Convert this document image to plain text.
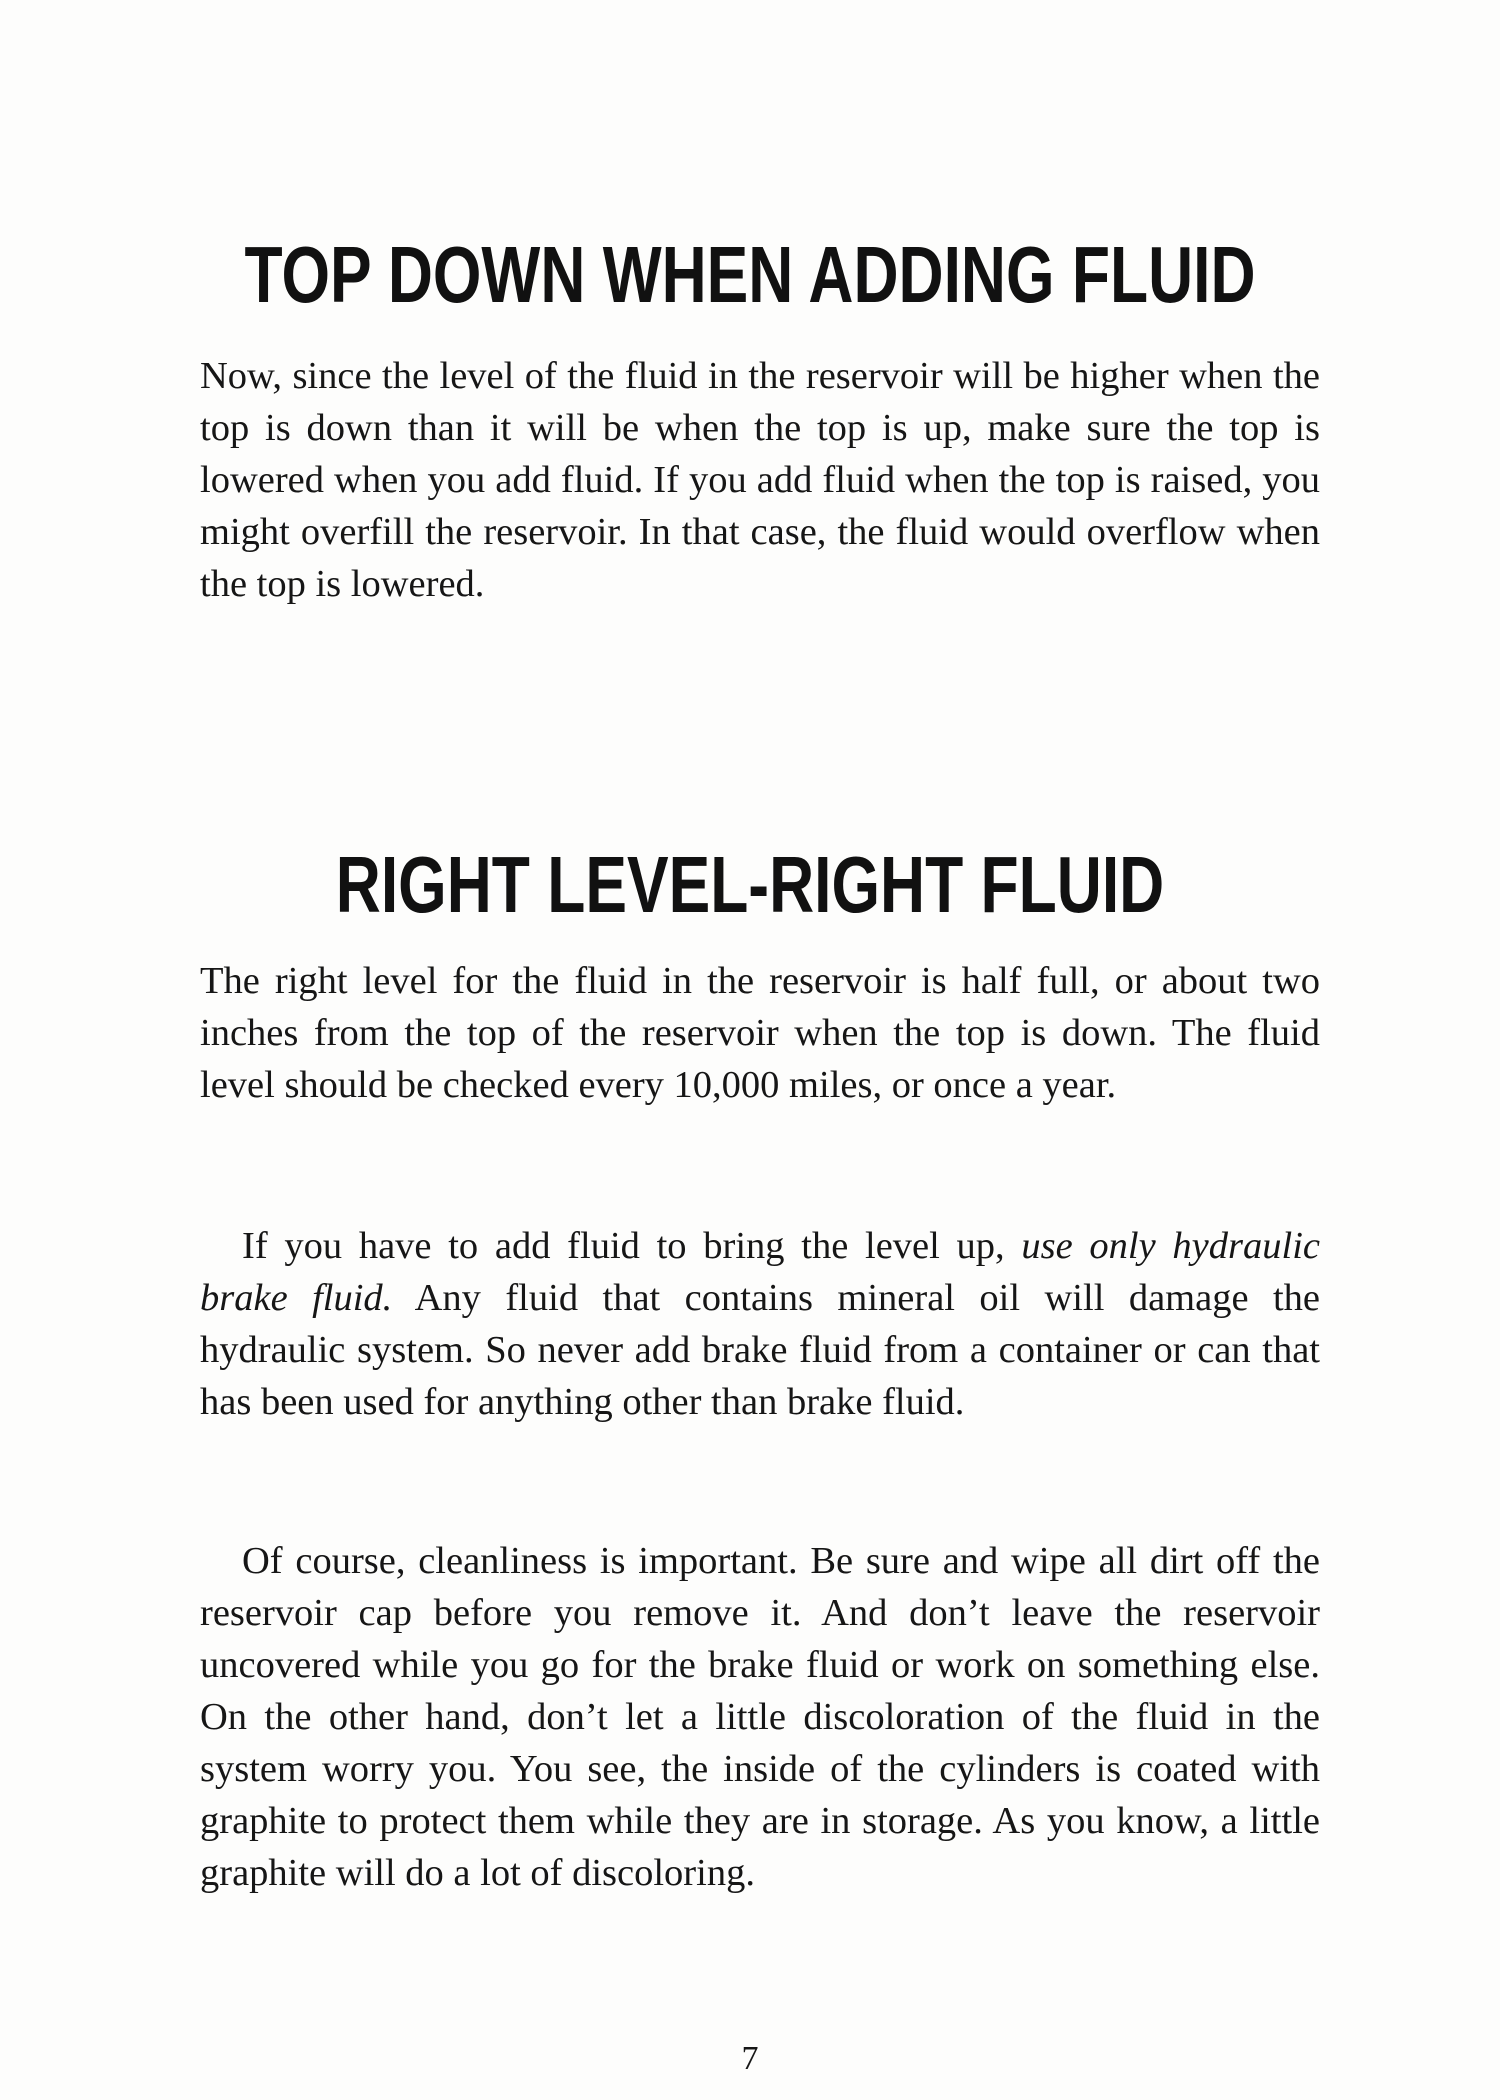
TOP DOWN WHEN ADDING FLUID

Now, since the level of the fluid in the reservoir will be higher when the top is down than it will be when the top is up, make sure the top is lowered when you add fluid. If you add fluid when the top is raised, you might overfill the reservoir. In that case, the fluid would overflow when the top is lowered.

RIGHT LEVEL-RIGHT FLUID

The right level for the fluid in the reservoir is half full, or about two inches from the top of the reservoir when the top is down. The fluid level should be checked every 10,000 miles, or once a year.

If you have to add fluid to bring the level up, use only hydraulic brake fluid. Any fluid that contains mineral oil will damage the hydraulic system. So never add brake fluid from a container or can that has been used for anything other than brake fluid.

Of course, cleanliness is important. Be sure and wipe all dirt off the reservoir cap before you remove it. And don’t leave the reservoir uncovered while you go for the brake fluid or work on something else. On the other hand, don’t let a little discoloration of the fluid in the system worry you. You see, the inside of the cylinders is coated with graphite to protect them while they are in storage. As you know, a little graphite will do a lot of discoloring.

7
